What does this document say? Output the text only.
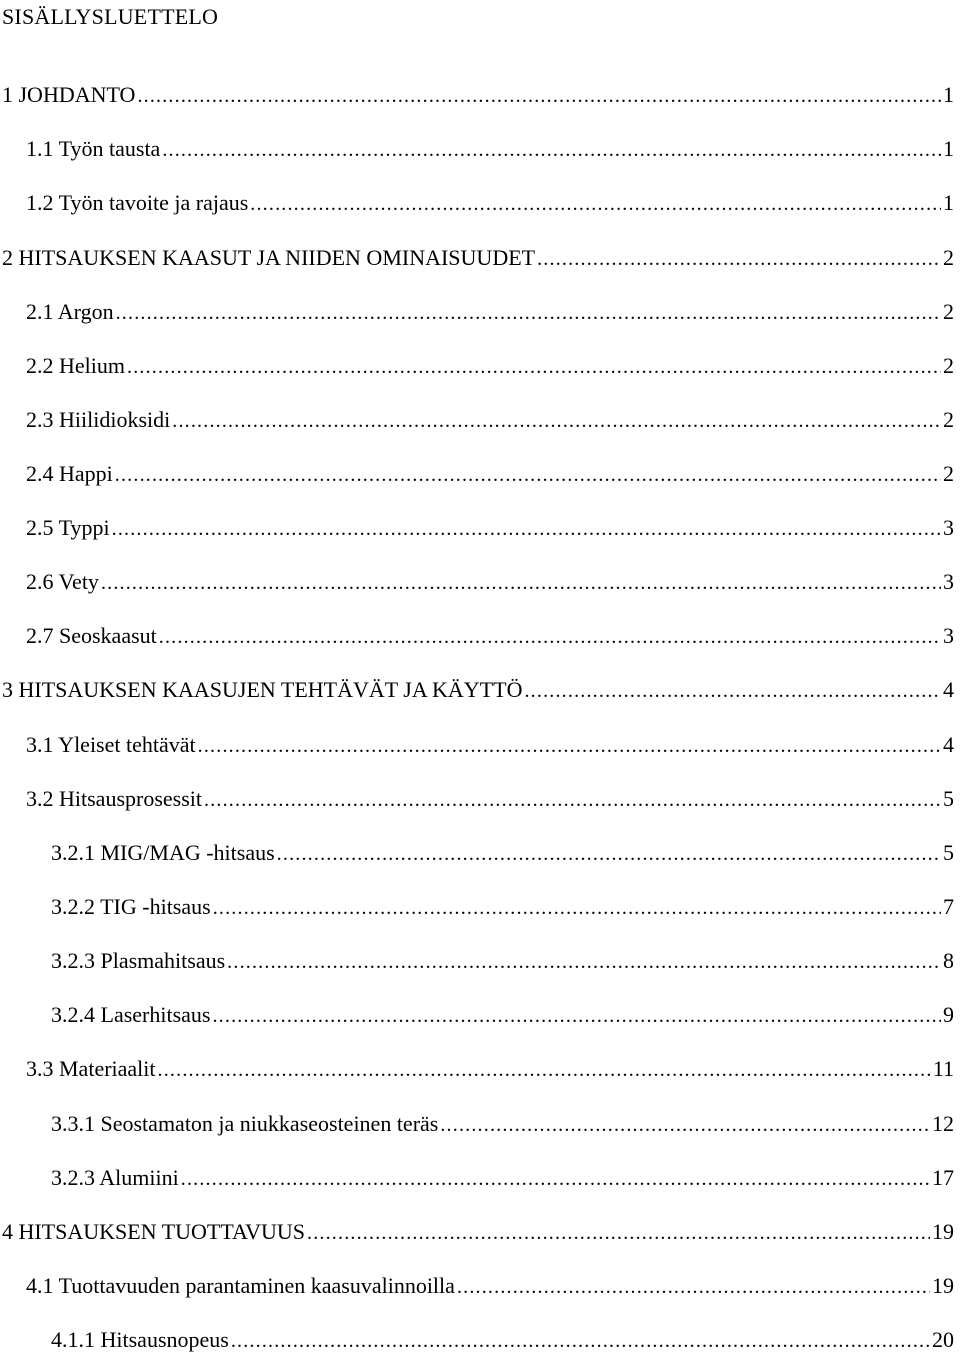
SISÄLLYSLUETTELO
1 JOHDANTO .....	1
1.1 Työn tausta .....	1
1.2 Työn tavoite ja rajaus .....	1
2 HITSAUKSEN KAASUT JA NIIDEN OMINAISUUDET .....	2
2.1 Argon .....	2
2.2 Helium .....	2
2.3 Hiilidioksidi .....	2
2.4 Happi .....	2
2.5 Typpi .....	3
2.6 Vety .....	3
2.7 Seoskaasut .....	3
3 HITSAUKSEN KAASUJEN TEHTÄVÄT JA KÄYTTÖ .....	4
3.1 Yleiset tehtävät .....	4
3.2 Hitsausprosessit .....	5
3.2.1 MIG/MAG -hitsaus .....	5
3.2.2 TIG -hitsaus .....	7
3.2.3 Plasmahitsaus .....	8
3.2.4 Laserhitsaus .....	9
3.3 Materiaalit .....	11
3.3.1 Seostamaton ja niukkaseosteinen teräs .....	12
3.2.3 Alumiini .....	17
4 HITSAUKSEN TUOTTAVUUS .....	19
4.1 Tuottavuuden parantaminen kaasuvalinnoilla .....	19
4.1.1 Hitsausnopeus .....	20
